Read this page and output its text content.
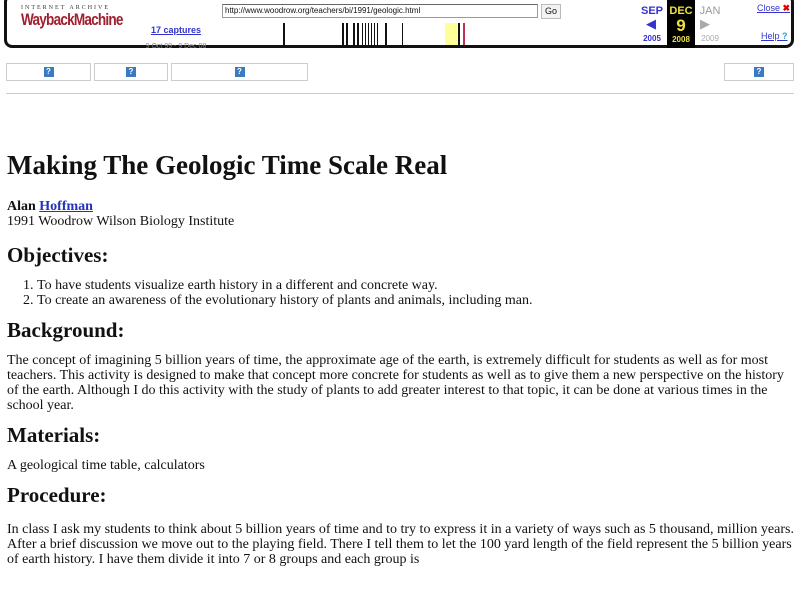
INTERNET ARCHIVE
WaybackMachine
17 captures
9 Oct 99 - 9 Dec 08
http://www.woodrow.org/teachers/bi/1991/geologic.html	Go	SEP
◀
2005
DEC
9
2008
JAN
▶
2009
Close ✖
Help ?
?	?	?	?
Making The Geologic Time Scale Real

Alan Hoffman

1991 Woodrow Wilson Biology Institute

Objectives:
1. To have students visualize earth history in a different and concrete way.
2. To create an awareness of the evolutionary history of plants and animals, including man.
Background:

The concept of imagining 5 billion years of time, the approximate age of the earth, is extremely difficult for students as well as for most teachers. This activity is designed to make that concept more concrete for students as well as to give them a new perspective on the history of the earth. Although I do this activity with the study of plants to add greater interest to that topic, it can be done at various times in the school year.

Materials:

A geological time table, calculators

Procedure:

In class I ask my students to think about 5 billion years of time and to try to express it in a variety of ways such as 5 thousand, million years. After a brief discussion we move out to the playing field. There I tell them to let the 100 yard length of the field represent the 5 billion years of earth history. I have them divide it into 7 or 8 groups and each group is
